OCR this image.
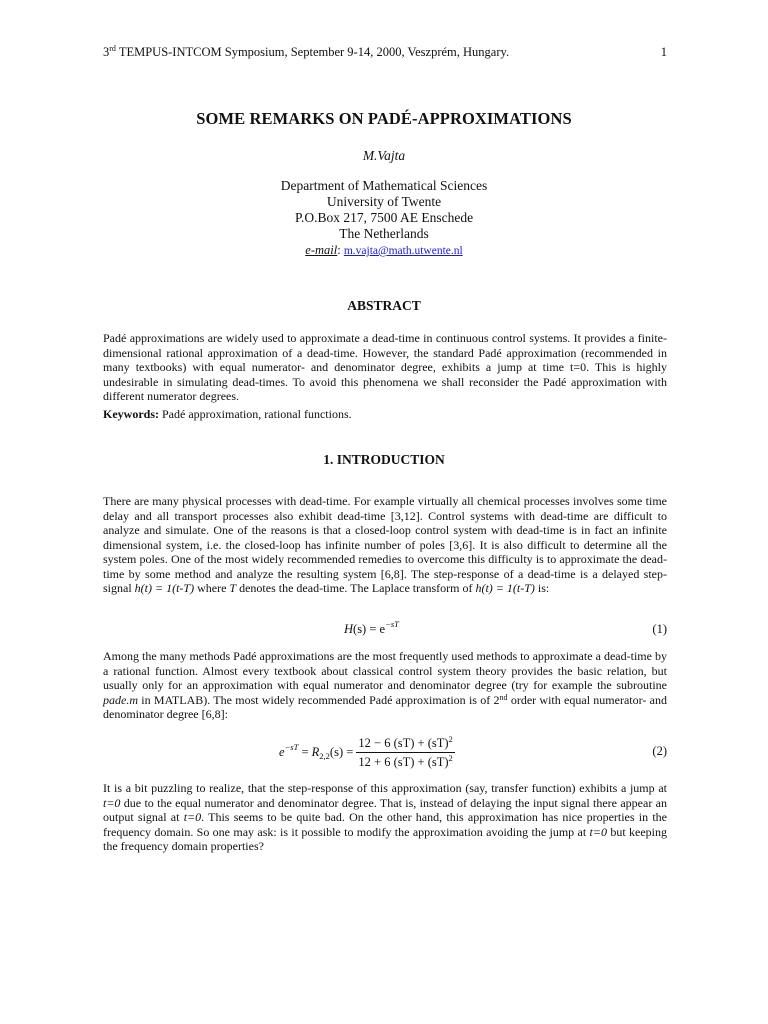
3rd TEMPUS-INTCOM Symposium, September 9-14, 2000, Veszprém, Hungary.	1
SOME REMARKS ON PADÉ-APPROXIMATIONS
M.Vajta
Department of Mathematical Sciences
University of Twente
P.O.Box 217, 7500 AE Enschede
The Netherlands
e-mail: m.vajta@math.utwente.nl
ABSTRACT
Padé approximations are widely used to approximate a dead-time in continuous control systems. It provides a finite-dimensional rational approximation of a dead-time. However, the standard Padé approximation (recommended in many textbooks) with equal numerator- and denominator degree, exhibits a jump at time t=0. This is highly undesirable in simulating dead-times. To avoid this phenomena we shall reconsider the Padé approximation with different numerator degrees.
Keywords: Padé approximation, rational functions.
1. INTRODUCTION
There are many physical processes with dead-time. For example virtually all chemical processes involves some time delay and all transport processes also exhibit dead-time [3,12]. Control systems with dead-time are difficult to analyze and simulate. One of the reasons is that a closed-loop control system with dead-time is in fact an infinite dimensional system, i.e. the closed-loop has infinite number of poles [3,6]. It is also difficult to determine all the system poles. One of the most widely recommended remedies to overcome this difficulty is to approximate the dead-time by some method and analyze the resulting system [6,8]. The step-response of a dead-time is a delayed step-signal h(t) = 1(t-T) where T denotes the dead-time. The Laplace transform of h(t) = 1(t-T) is:
$H(s) = e^{-sT}$	(1)
Among the many methods Padé approximations are the most frequently used methods to approximate a dead-time by a rational function. Almost every textbook about classical control system theory provides the basic relation, but usually only for an approximation with equal numerator and denominator degree (try for example the subroutine pade.m in MATLAB). The most widely recommended Padé approximation is of 2nd order with equal numerator- and denominator degree [6,8]:
$e^{-sT} = R_{2,2}(s) = \frac{12 - 6 (sT) + (sT)^2}{12 + 6 (sT) + (sT)^2}$	(2)
It is a bit puzzling to realize, that the step-response of this approximation (say, transfer function) exhibits a jump at t=0 due to the equal numerator and denominator degree. That is, instead of delaying the input signal there appear an output signal at t=0. This seems to be quite bad. On the other hand, this approximation has nice properties in the frequency domain. So one may ask: is it possible to modify the approximation avoiding the jump at t=0 but keeping the frequency domain properties?
